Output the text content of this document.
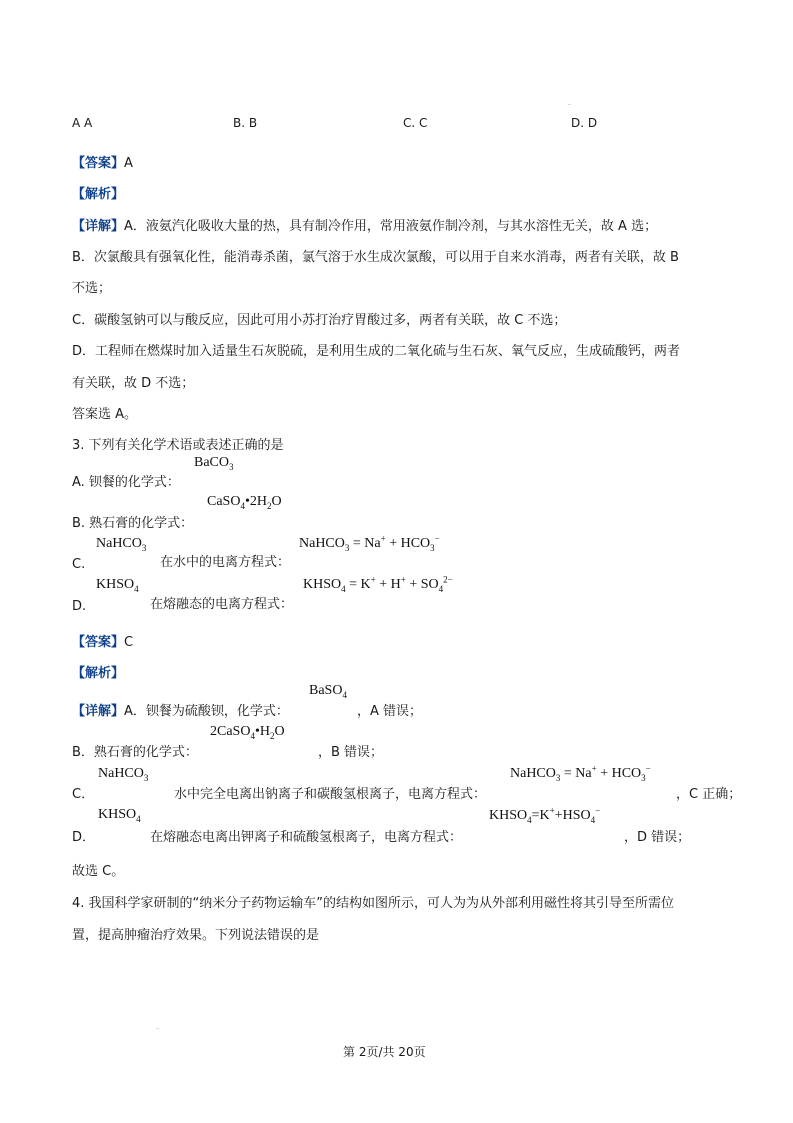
A A	B. B	C. C	D. D
【答案】A
【解析】
【详解】A．液氨汽化吸收大量的热，具有制冷作用，常用液氨作制冷剂，与其水溶性无关，故 A 选；
B．次氯酸具有强氧化性，能消毒杀菌，氯气溶于水生成次氯酸，可以用于自来水消毒，两者有关联，故 B
不选；
C．碳酸氢钠可以与酸反应，因此可用小苏打治疗胃酸过多，两者有关联，故 C 不选；
D．工程师在燃煤时加入适量生石灰脱硫，是利用生成的二氧化硫与生石灰、氧气反应，生成硫酸钙，两者
有关联，故 D 不选；
答案选 A。
3. 下列有关化学术语或表述正确的是
BaCO$_3$
A. 钡餐的化学式：
$CaSO_4•2H_2O$
B. 熟石膏的化学式：
NaHCO$_3$	NaHCO$_3$ = $Na^+ + HCO_3^-$
C.	在水中的电离方程式：
$KHSO_4$	$KHSO_4 = K^+ + H^+ + SO_4^{2-}$
D.	在熔融态的电离方程式：
【答案】C
【解析】
BaSO$_4$
【详解】A．钡餐为硫酸钡，化学式：	，A 错误；
$2CaSO_4•H_2O$
B．熟石膏的化学式：	，B 错误；
NaHCO$_3$	NaHCO$_3$ = $Na^+ + HCO_3^-$
C．	水中完全电离出钠离子和碳酸氢根离子，电离方程式：	，C 正确；
$KHSO_4$	$KHSO_4=K^++HSO_4^-$
D．	在熔融态电离出钾离子和硫酸氢根离子，电离方程式：	，D 错误；
故选 C。
4. 我国科学家研制的“纳米分子药物运输车”的结构如图所示，可人为为从外部利用磁性将其引导至所需位
置，提高肿瘤治疗效果。下列说法错误的是
第 2页/共 20页
